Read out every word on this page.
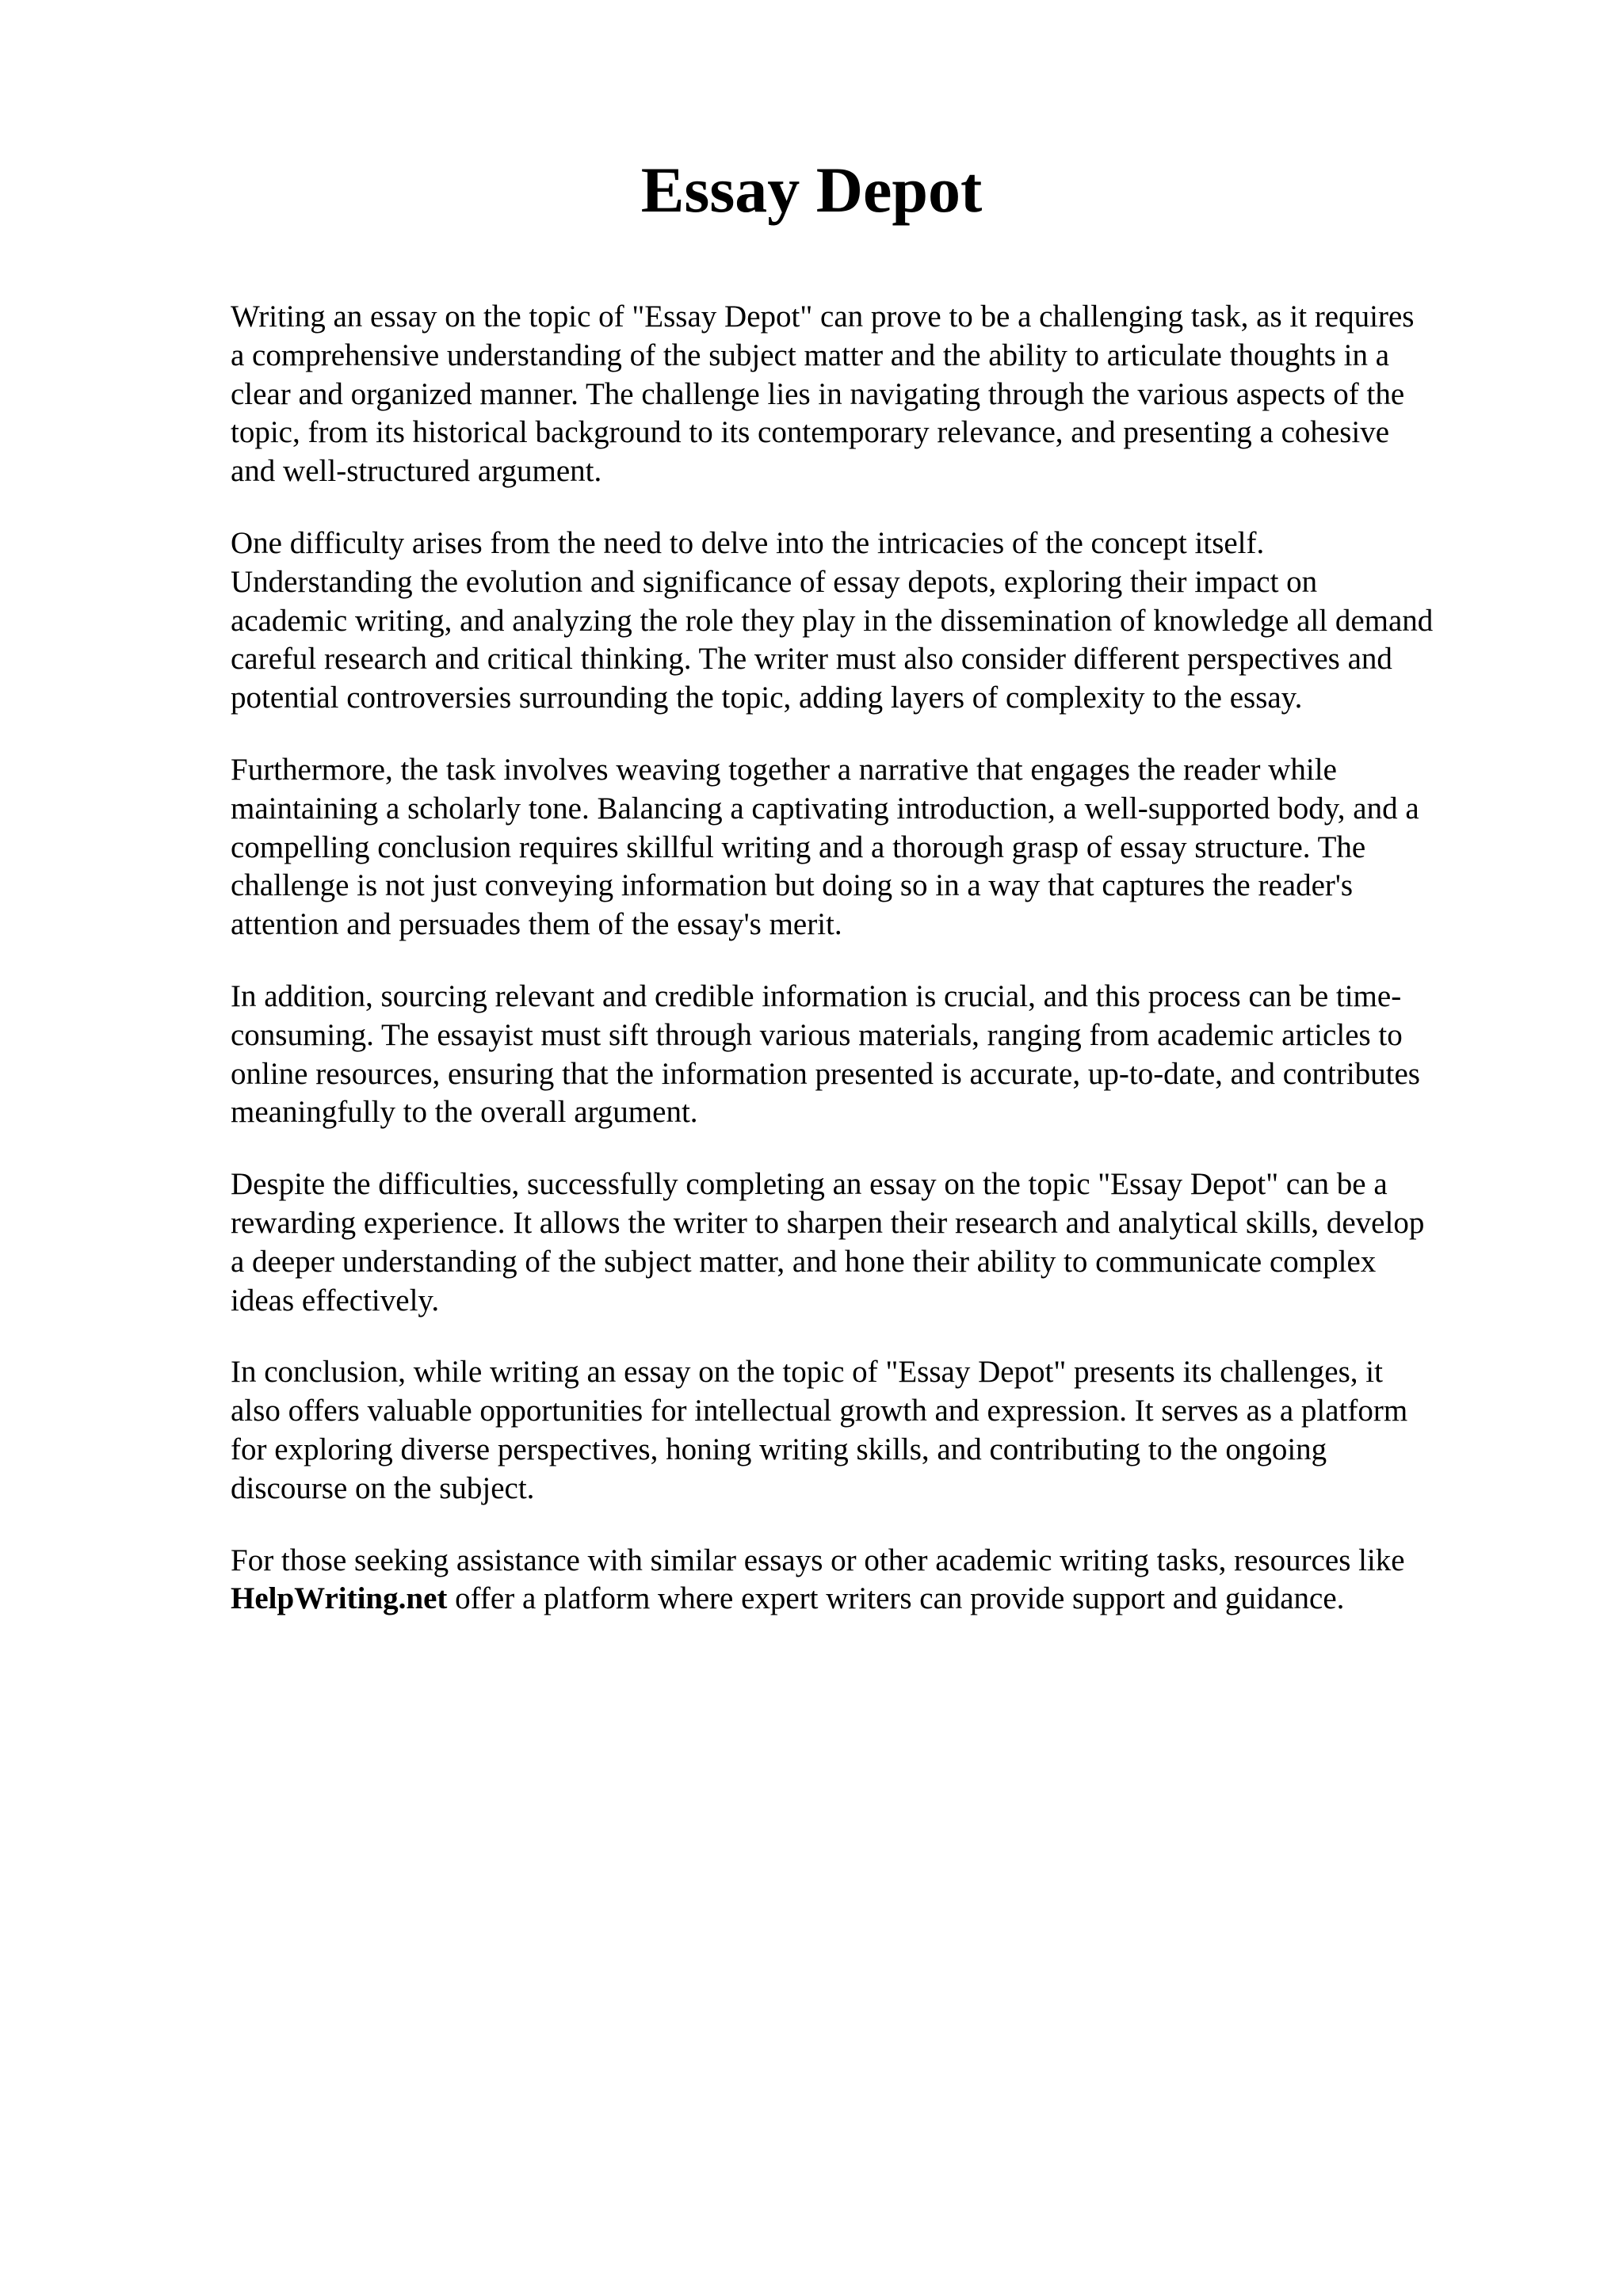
Essay Depot

Writing an essay on the topic of "Essay Depot" can prove to be a challenging task, as it requires
a comprehensive understanding of the subject matter and the ability to articulate thoughts in a
clear and organized manner. The challenge lies in navigating through the various aspects of the
topic, from its historical background to its contemporary relevance, and presenting a cohesive
and well-structured argument.

One difficulty arises from the need to delve into the intricacies of the concept itself.
Understanding the evolution and significance of essay depots, exploring their impact on
academic writing, and analyzing the role they play in the dissemination of knowledge all demand
careful research and critical thinking. The writer must also consider different perspectives and
potential controversies surrounding the topic, adding layers of complexity to the essay.

Furthermore, the task involves weaving together a narrative that engages the reader while
maintaining a scholarly tone. Balancing a captivating introduction, a well-supported body, and a
compelling conclusion requires skillful writing and a thorough grasp of essay structure. The
challenge is not just conveying information but doing so in a way that captures the reader's
attention and persuades them of the essay's merit.

In addition, sourcing relevant and credible information is crucial, and this process can be time-
consuming. The essayist must sift through various materials, ranging from academic articles to
online resources, ensuring that the information presented is accurate, up-to-date, and contributes
meaningfully to the overall argument.

Despite the difficulties, successfully completing an essay on the topic "Essay Depot" can be a
rewarding experience. It allows the writer to sharpen their research and analytical skills, develop
a deeper understanding of the subject matter, and hone their ability to communicate complex
ideas effectively.

In conclusion, while writing an essay on the topic of "Essay Depot" presents its challenges, it
also offers valuable opportunities for intellectual growth and expression. It serves as a platform
for exploring diverse perspectives, honing writing skills, and contributing to the ongoing
discourse on the subject.

For those seeking assistance with similar essays or other academic writing tasks, resources like
HelpWriting.net offer a platform where expert writers can provide support and guidance.
